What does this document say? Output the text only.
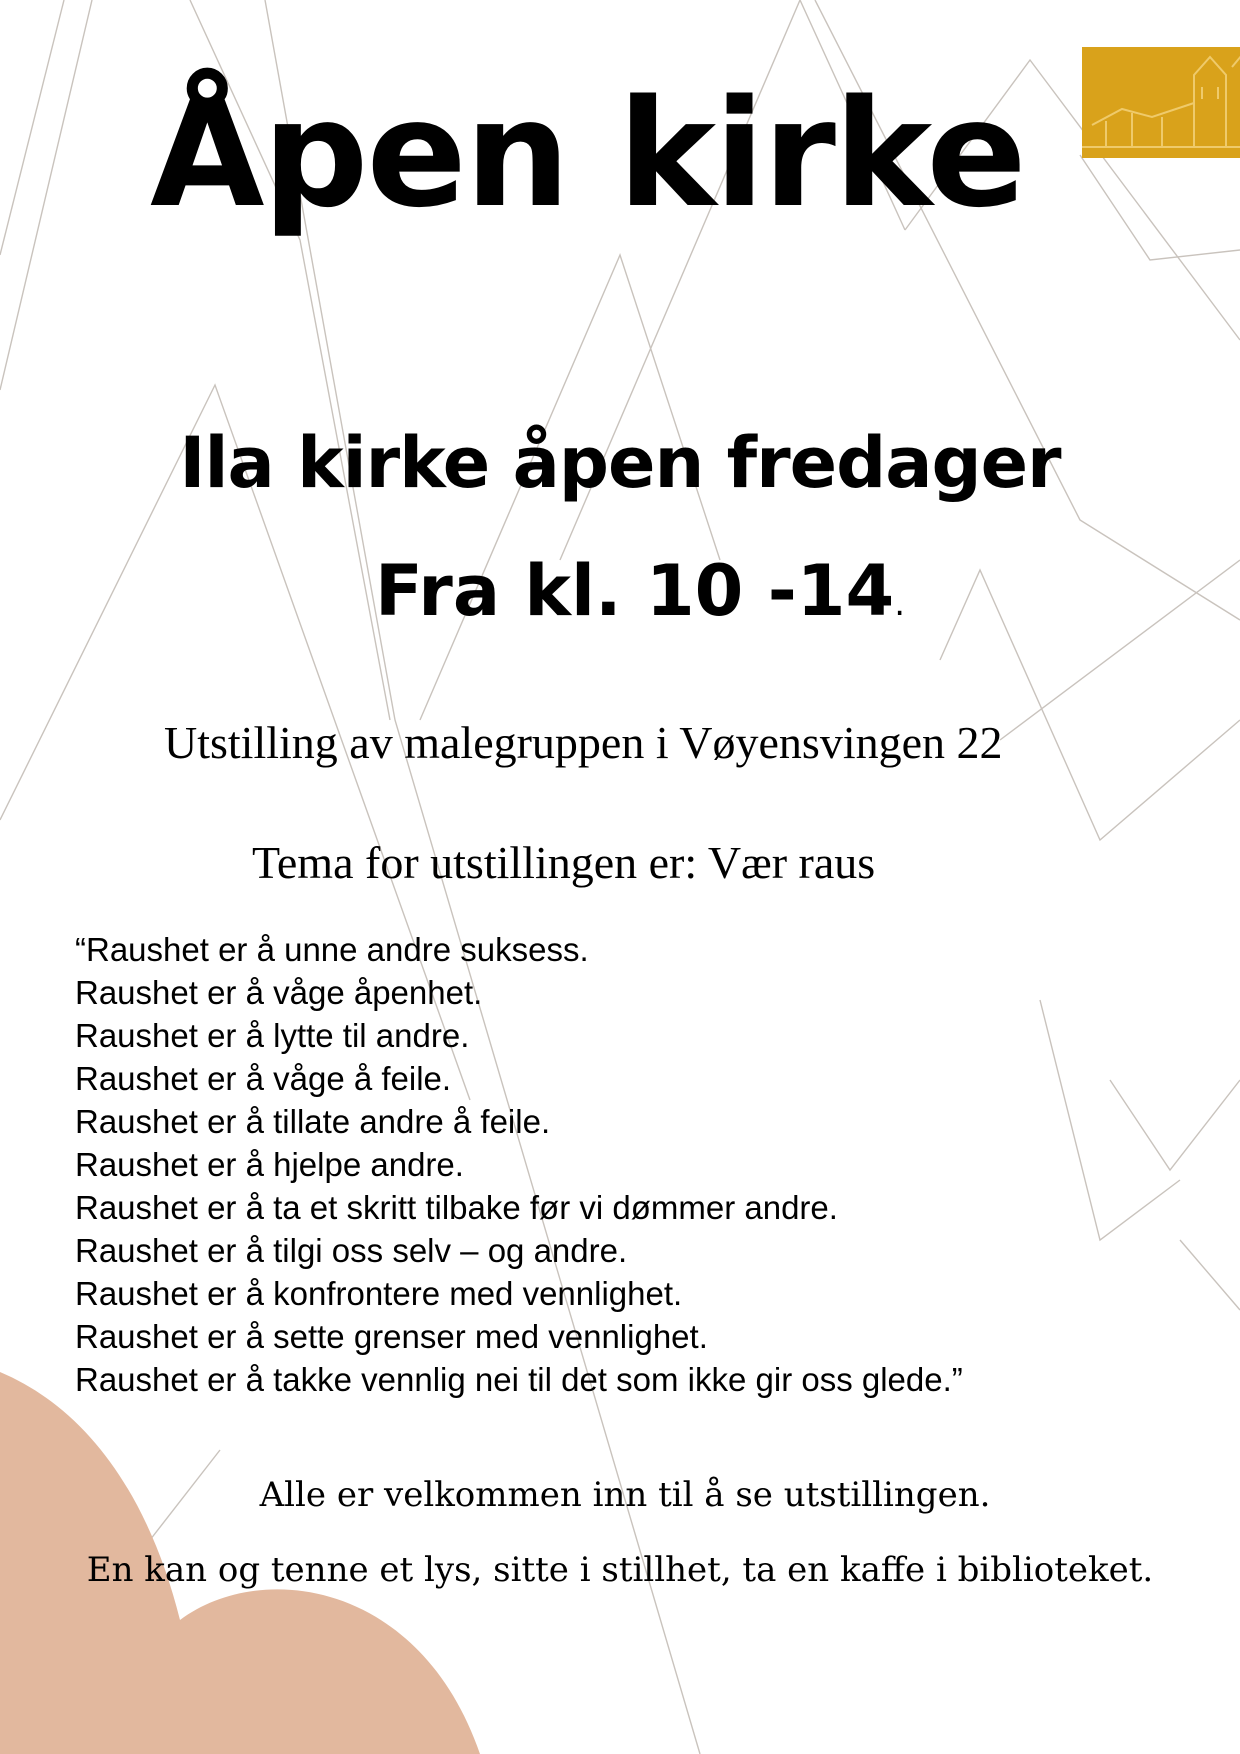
Åpen kirke
Ila kirke åpen fredager
Fra kl. 10 -14.
Utstilling av malegruppen i Vøyensvingen 22
Tema for utstillingen er: Vær raus
“Raushet er å unne andre suksess.
Raushet er å våge åpenhet.
Raushet er å lytte til andre.
Raushet er å våge å feile.
Raushet er å tillate andre å feile.
Raushet er å hjelpe andre.
Raushet er å ta et skritt tilbake før vi dømmer andre.
Raushet er å tilgi oss selv – og andre.
Raushet er å konfrontere med vennlighet.
Raushet er å sette grenser med vennlighet.
Raushet er å takke vennlig nei til det som ikke gir oss glede.”
Alle er velkommen inn til å se utstillingen.
En kan og tenne et lys, sitte i stillhet, ta en kaffe i biblioteket.
